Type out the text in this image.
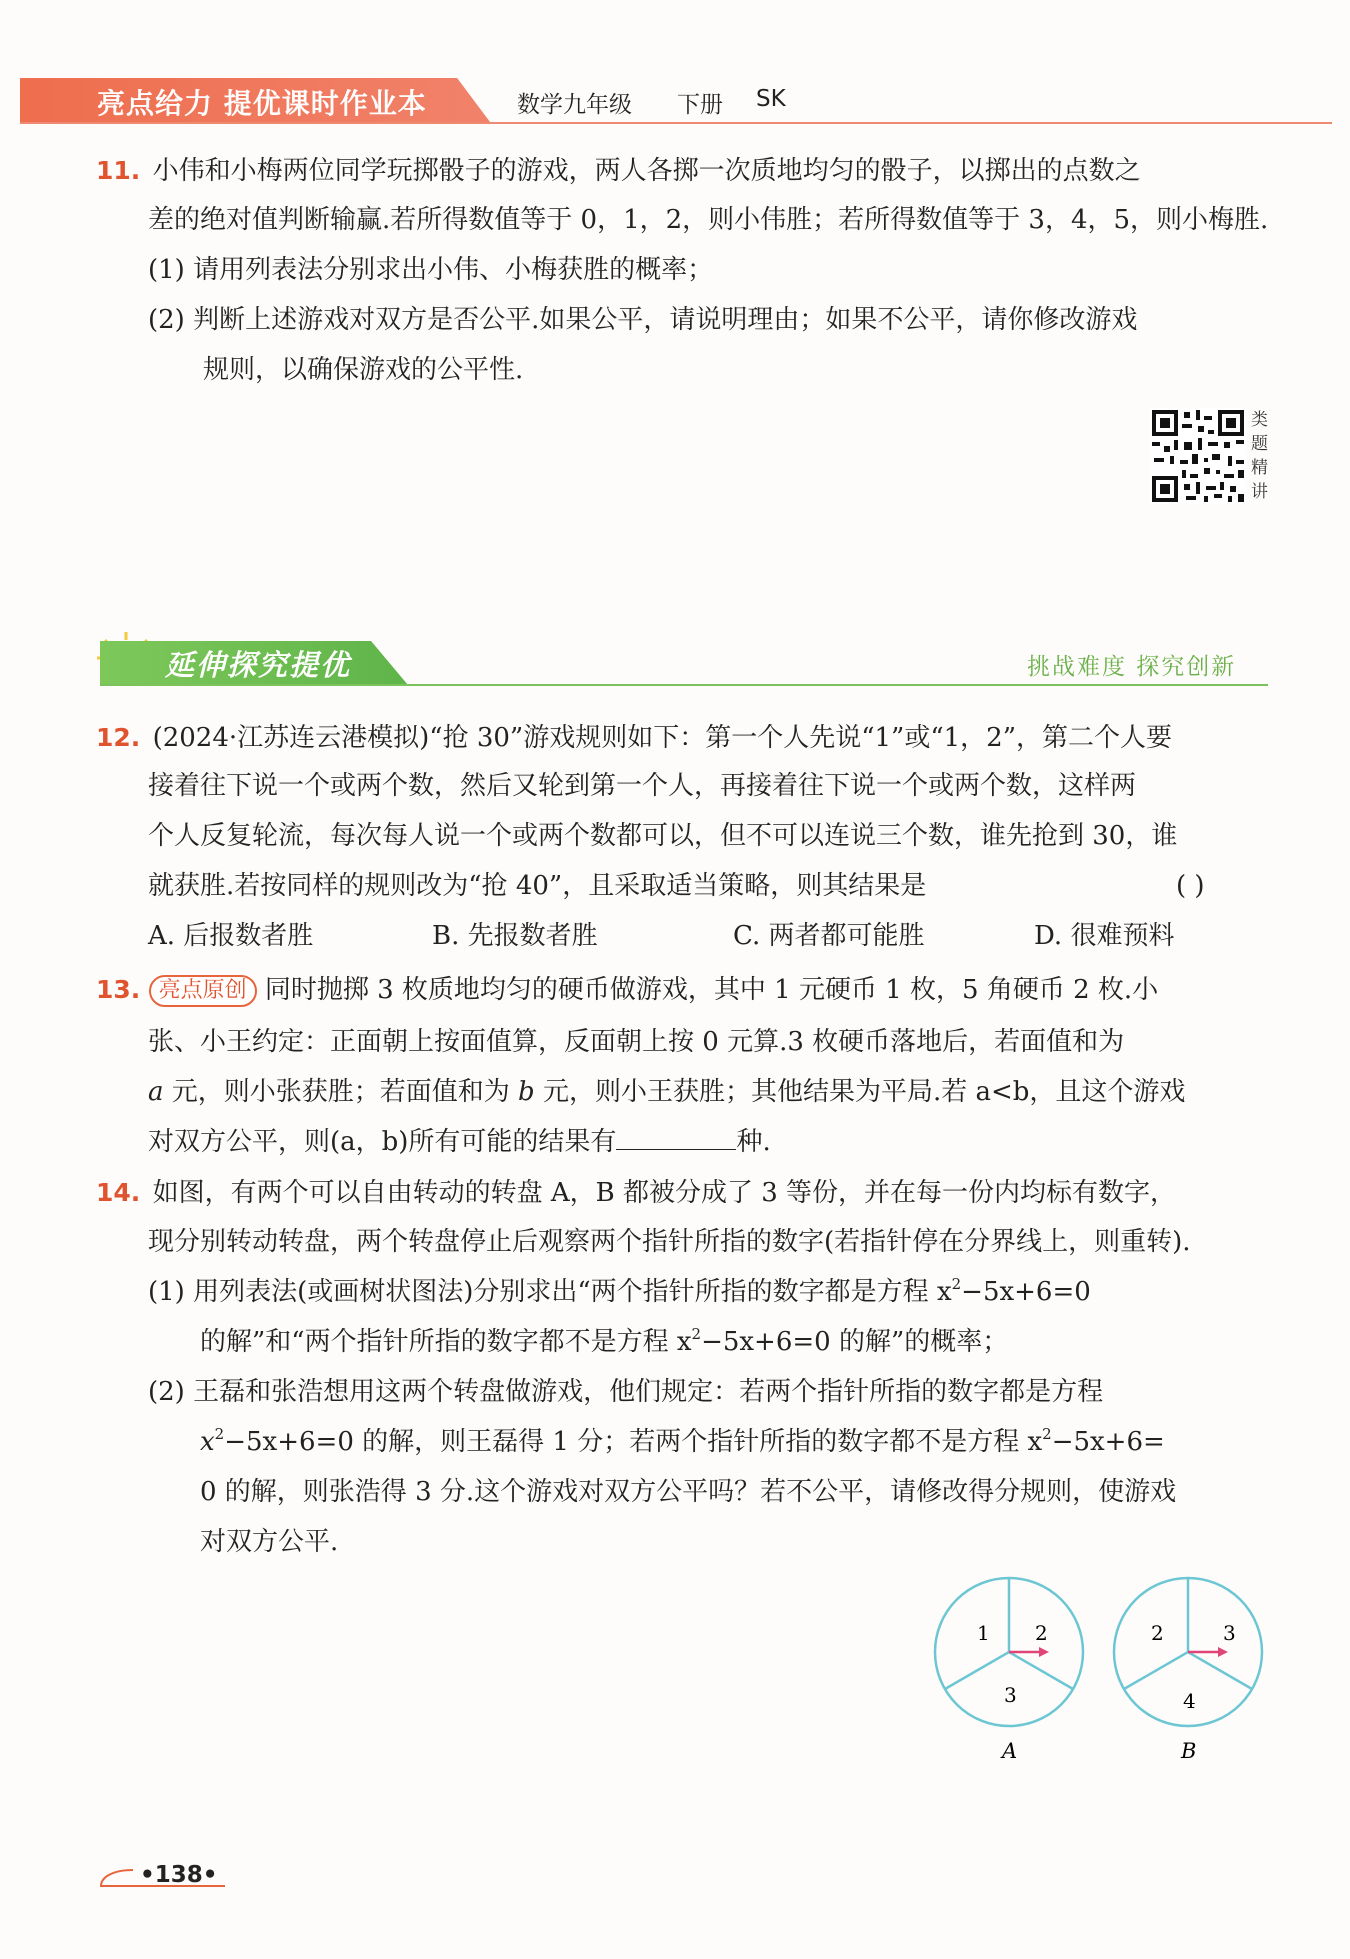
亮点给力 提优课时作业本	数学九年级 下册 SK
11. 小伟和小梅两位同学玩掷骰子的游戏，两人各掷一次质地均匀的骰子，以掷出的点数之
差的绝对值判断输赢.若所得数值等于 0，1，2，则小伟胜；若所得数值等于 3，4，5，则小梅胜.
(1) 请用列表法分别求出小伟、小梅获胜的概率；
(2) 判断上述游戏对双方是否公平.如果公平，请说明理由；如果不公平，请你修改游戏
规则，以确保游戏的公平性.
类题精讲
延伸探究提优	挑战难度 探究创新
12. (2024·江苏连云港模拟)“抢 30”游戏规则如下：第一个人先说“1”或“1，2”，第二个人要
接着往下说一个或两个数，然后又轮到第一个人，再接着往下说一个或两个数，这样两
个人反复轮流，每次每人说一个或两个数都可以，但不可以连说三个数，谁先抢到 30，谁
就获胜.若按同样的规则改为“抢 40”，且采取适当策略，则其结果是	( )
A. 后报数者胜	B. 先报数者胜	C. 两者都可能胜	D. 很难预料
13. 亮点原创 同时抛掷 3 枚质地均匀的硬币做游戏，其中 1 元硬币 1 枚，5 角硬币 2 枚.小
张、小王约定：正面朝上按面值算，反面朝上按 0 元算.3 枚硬币落地后，若面值和为
a 元，则小张获胜；若面值和为 b 元，则小王获胜；其他结果为平局.若 a<b，且这个游戏
对双方公平，则(a，b)所有可能的结果有	种.
14. 如图，有两个可以自由转动的转盘 A，B 都被分成了 3 等份，并在每一份内均标有数字，
现分别转动转盘，两个转盘停止后观察两个指针所指的数字(若指针停在分界线上，则重转).
(1) 用列表法(或画树状图法)分别求出“两个指针所指的数字都是方程 $x^2-5x+6=0$
的解”和“两个指针所指的数字都不是方程 $x^2-5x+6=0$ 的解”的概率；
(2) 王磊和张浩想用这两个转盘做游戏，他们规定：若两个指针所指的数字都是方程
$x^2-5x+6=0$ 的解，则王磊得 1 分；若两个指针所指的数字都不是方程 $x^2-5x+6=$
0 的解，则张浩得 3 分.这个游戏对双方公平吗？若不公平，请修改得分规则，使游戏
对双方公平.
1 2
3
A
2	3
4
B
•138•
